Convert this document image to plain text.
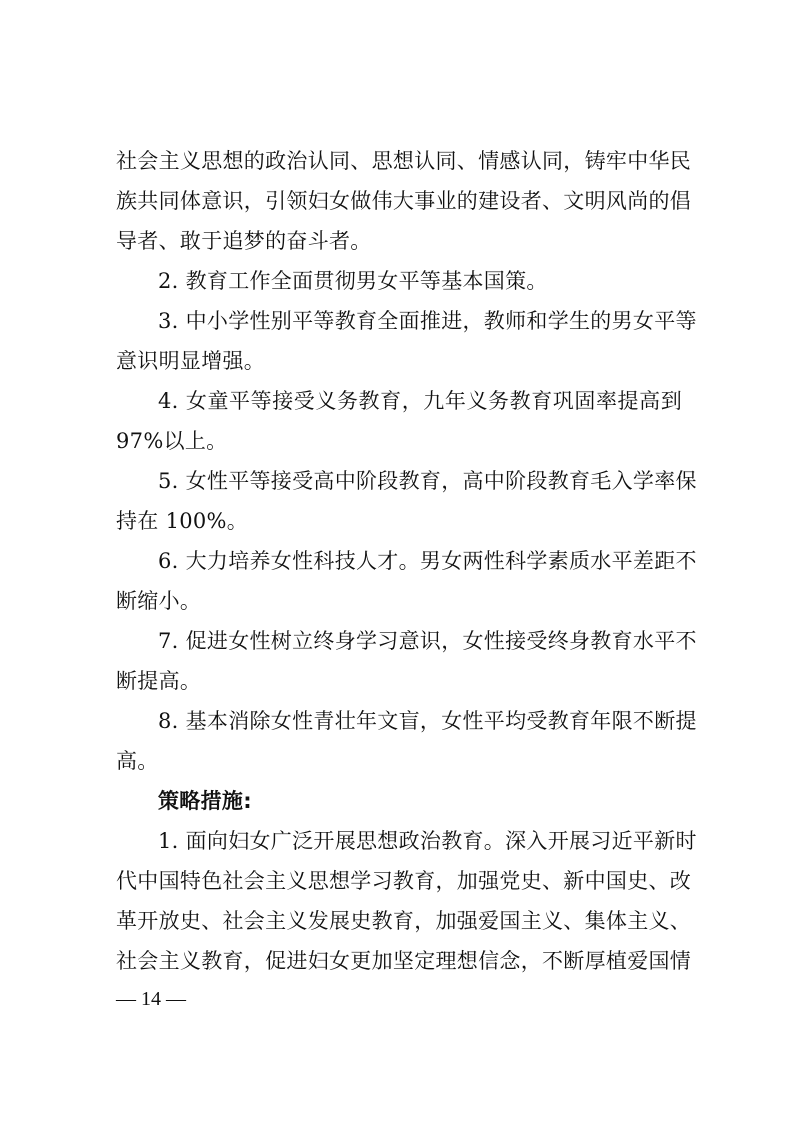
社会主义思想的政治认同、思想认同、情感认同，铸牢中华民
族共同体意识，引领妇女做伟大事业的建设者、文明风尚的倡
导者、敢于追梦的奋斗者。
2. 教育工作全面贯彻男女平等基本国策。
3. 中小学性别平等教育全面推进，教师和学生的男女平等
意识明显增强。
4. 女童平等接受义务教育，九年义务教育巩固率提高到
97%以上。
5. 女性平等接受高中阶段教育，高中阶段教育毛入学率保
持在 100%。
6. 大力培养女性科技人才。男女两性科学素质水平差距不
断缩小。
7. 促进女性树立终身学习意识，女性接受终身教育水平不
断提高。
8. 基本消除女性青壮年文盲，女性平均受教育年限不断提
高。
策略措施:
1. 面向妇女广泛开展思想政治教育。深入开展习近平新时
代中国特色社会主义思想学习教育，加强党史、新中国史、改
革开放史、社会主义发展史教育，加强爱国主义、集体主义、
社会主义教育，促进妇女更加坚定理想信念，不断厚植爱国情
— 14 —
